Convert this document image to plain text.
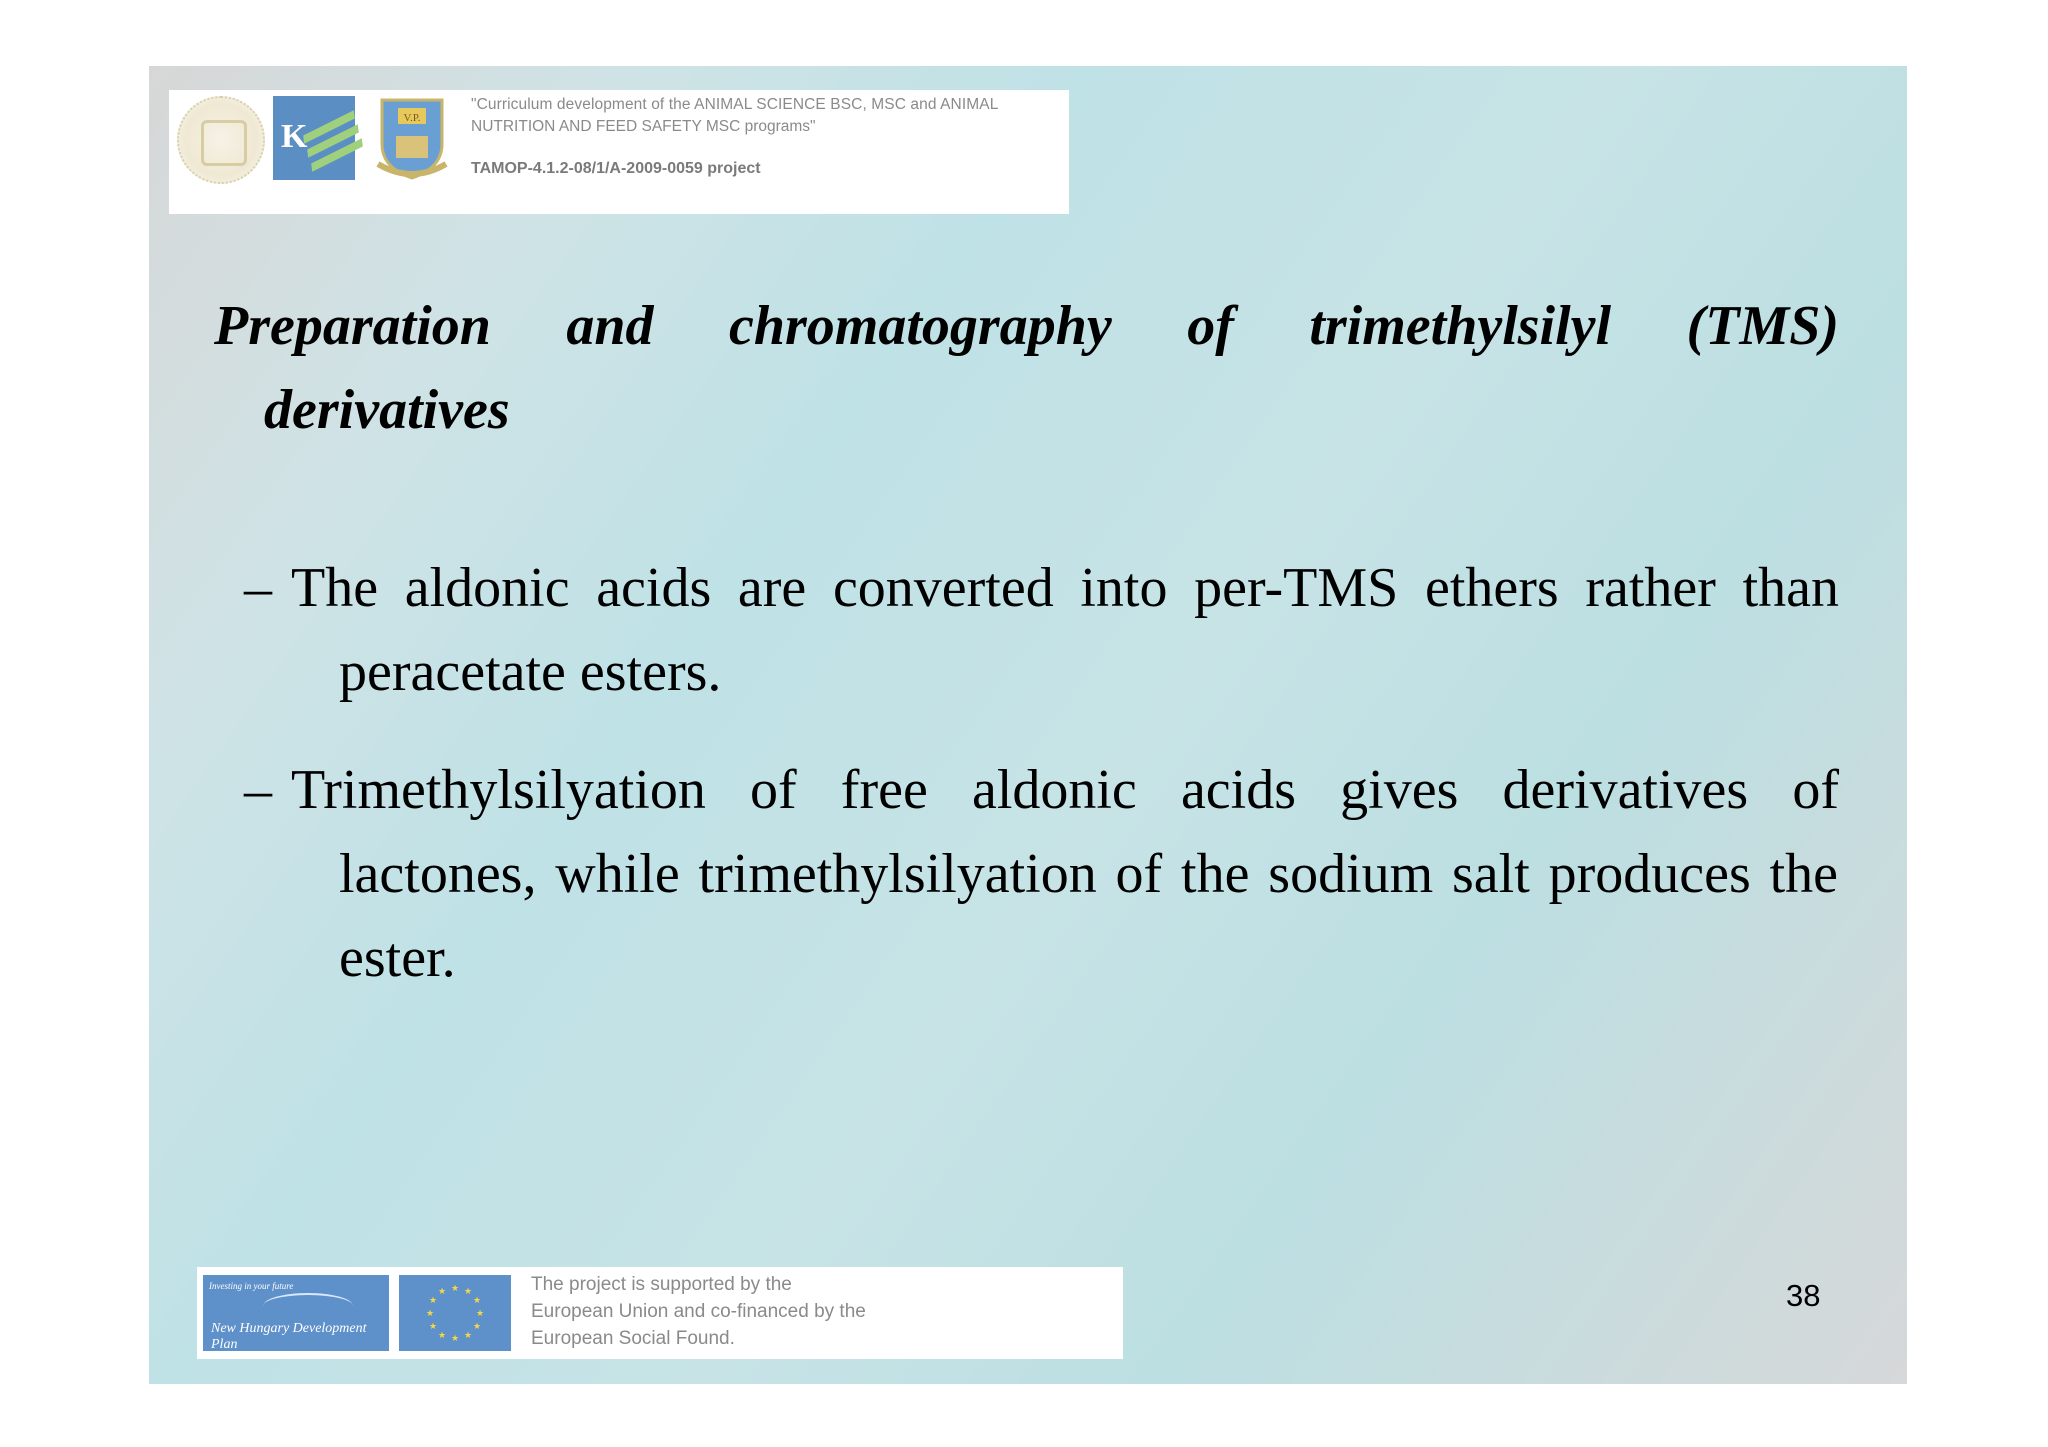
K	V.P.
"Curriculum development of the ANIMAL SCIENCE BSC, MSC and ANIMAL
NUTRITION AND FEED SAFETY MSC programs"
TAMOP-4.1.2-08/1/A-2009-0059 project
Preparation and chromatography of trimethylsilyl (TMS)
derivatives
– The aldonic acids are converted into per-TMS ethers rather than
peracetate esters.
– Trimethylsilyation of free aldonic acids gives derivatives of
lactones, while trimethylsilyation of the sodium salt produces the ester.
Investing in your future
New Hungary Development Plan
★ ★
★
★
★
★
★
★
★
★
★
★	The project is supported by the
European Union and co-financed by the
European Social Found.
38
